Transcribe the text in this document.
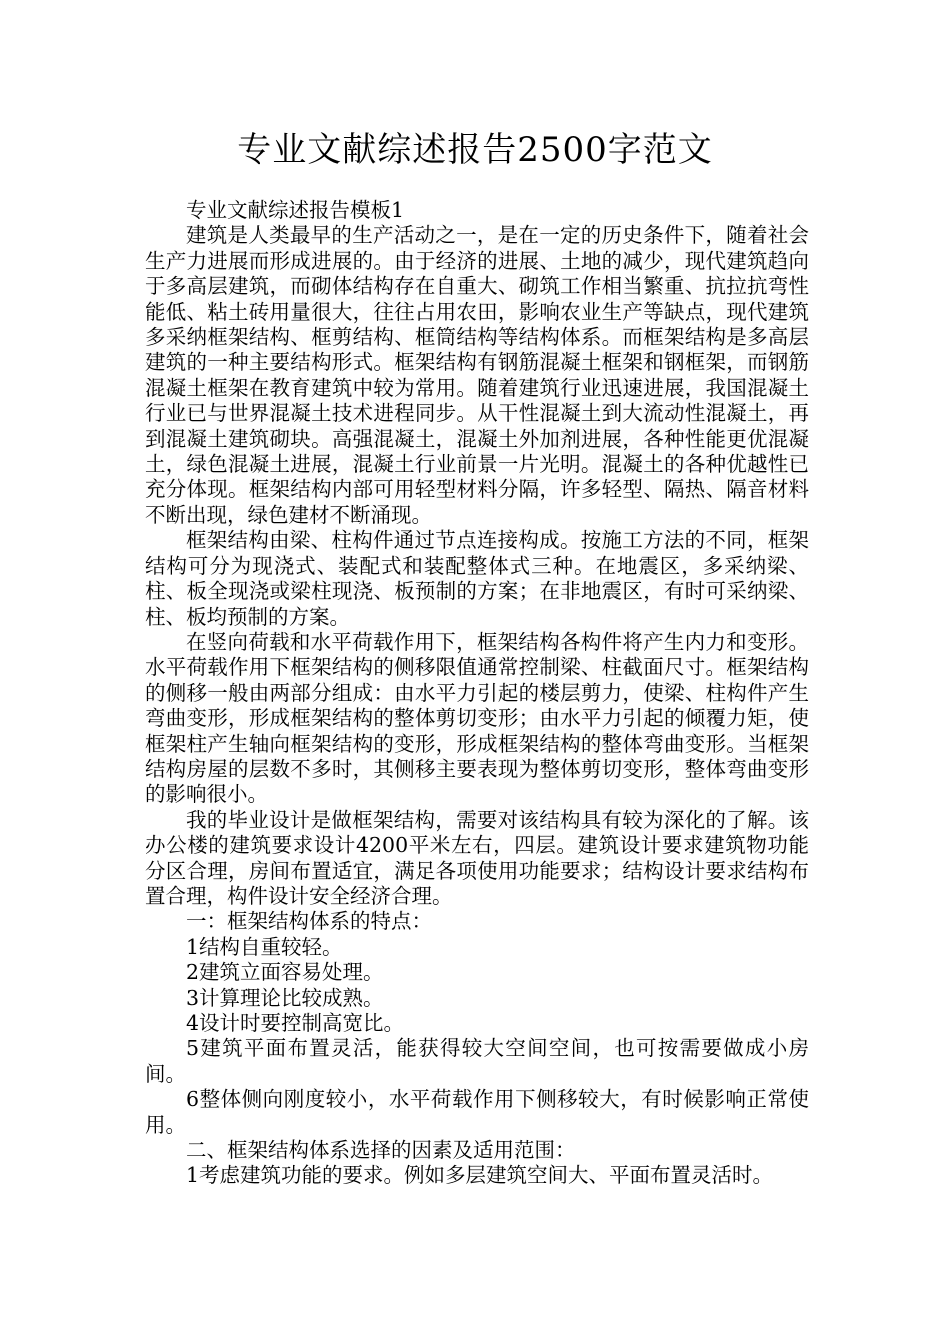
专业文献综述报告2500字范文

专业文献综述报告模板1

建筑是人类最早的生产活动之一，是在一定的历史条件下，随着社会生产力进展而形成进展的。由于经济的进展、土地的减少，现代建筑趋向于多高层建筑，而砌体结构存在自重大、砌筑工作相当繁重、抗拉抗弯性能低、粘土砖用量很大，往往占用农田，影响农业生产等缺点，现代建筑多采纳框架结构、框剪结构、框筒结构等结构体系。而框架结构是多高层建筑的一种主要结构形式。框架结构有钢筋混凝土框架和钢框架，而钢筋混凝土框架在教育建筑中较为常用。随着建筑行业迅速进展，我国混凝土行业已与世界混凝土技术进程同步。从干性混凝土到大流动性混凝土，再到混凝土建筑砌块。高强混凝土，混凝土外加剂进展，各种性能更优混凝土，绿色混凝土进展，混凝土行业前景一片光明。混凝土的各种优越性已充分体现。框架结构内部可用轻型材料分隔，许多轻型、隔热、隔音材料不断出现，绿色建材不断涌现。

框架结构由梁、柱构件通过节点连接构成。按施工方法的不同，框架结构可分为现浇式、装配式和装配整体式三种。在地震区，多采纳梁、柱、板全现浇或梁柱现浇、板预制的方案；在非地震区，有时可采纳梁、柱、板均预制的方案。

在竖向荷载和水平荷载作用下，框架结构各构件将产生内力和变形。水平荷载作用下框架结构的侧移限值通常控制梁、柱截面尺寸。框架结构的侧移一般由两部分组成：由水平力引起的楼层剪力，使梁、柱构件产生弯曲变形，形成框架结构的整体剪切变形；由水平力引起的倾覆力矩，使框架柱产生轴向框架结构的变形，形成框架结构的整体弯曲变形。当框架结构房屋的层数不多时，其侧移主要表现为整体剪切变形，整体弯曲变形的影响很小。

我的毕业设计是做框架结构，需要对该结构具有较为深化的了解。该办公楼的建筑要求设计4200平米左右，四层。建筑设计要求建筑物功能分区合理，房间布置适宜，满足各项使用功能要求；结构设计要求结构布置合理，构件设计安全经济合理。

一：框架结构体系的特点：

1结构自重较轻。

2建筑立面容易处理。

3计算理论比较成熟。

4设计时要控制高宽比。

5建筑平面布置灵活，能获得较大空间空间，也可按需要做成小房间。

6整体侧向刚度较小，水平荷载作用下侧移较大，有时候影响正常使用。

二、框架结构体系选择的因素及适用范围：

1考虑建筑功能的要求。例如多层建筑空间大、平面布置灵活时。
